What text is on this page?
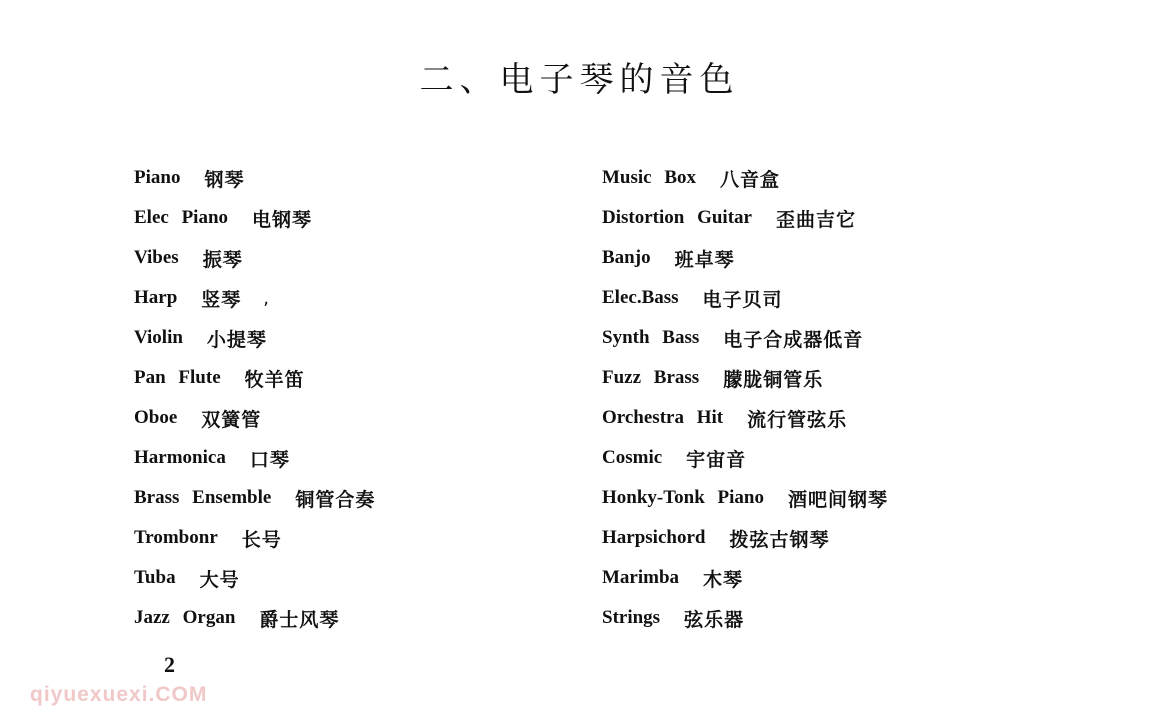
二、电子琴的音色
Piano 钢琴
Elec Piano 电钢琴
Vibes 振琴
Harp 竖琴 ,
Violin 小提琴
Pan Flute 牧羊笛
Oboe 双簧管
Harmonica 口琴
Brass Ensemble 铜管合奏
Trombonr 长号
Tuba 大号
Jazz Organ 爵士风琴
Music Box 八音盒
Distortion Guitar 歪曲吉它
Banjo 班卓琴
Elec.Bass 电子贝司
Synth Bass 电子合成器低音
Fuzz Brass 朦胧铜管乐
Orchestra Hit 流行管弦乐
Cosmic 宇宙音
Honky-Tonk Piano 酒吧间钢琴
Harpsichord 拨弦古钢琴
Marimba 木琴
Strings 弦乐器
2
qiyuexuexi.COM
